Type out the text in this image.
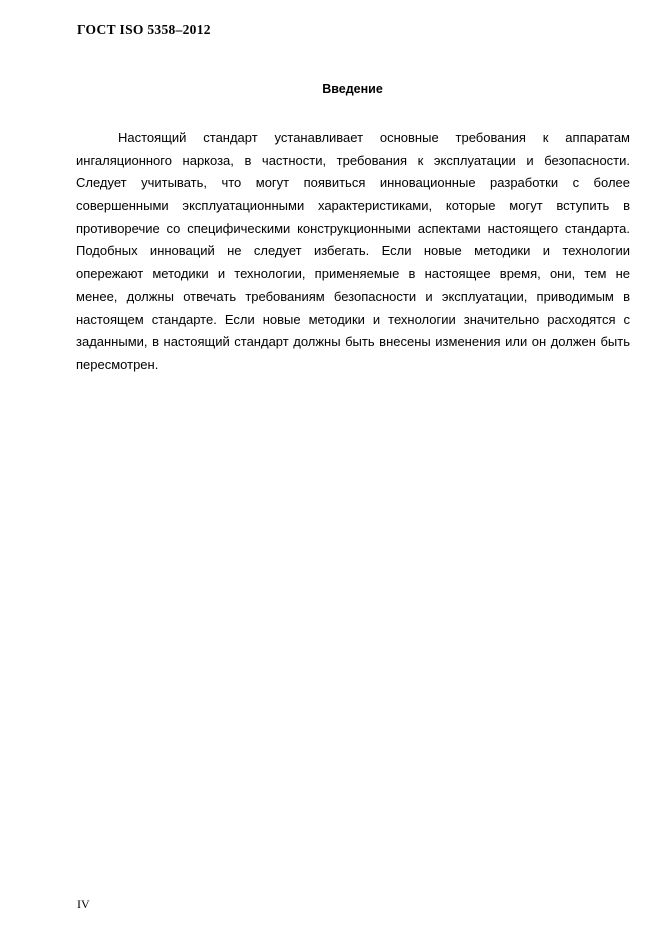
ГОСТ ISO 5358–2012
Введение
Настоящий стандарт устанавливает основные требования к аппаратам
ингаляционного наркоза, в частности, требования к эксплуатации и безопасности.
Следует учитывать, что могут появиться инновационные разработки с более
совершенными эксплуатационными характеристиками, которые могут вступить в
противоречие со специфическими конструкционными аспектами настоящего стандарта.
Подобных инноваций не следует избегать. Если новые методики и технологии
опережают методики и технологии, применяемые в настоящее время, они, тем не
менее, должны отвечать требованиям безопасности и эксплуатации, приводимым в
настоящем стандарте. Если новые методики и технологии значительно расходятся с
заданными, в настоящий стандарт должны быть внесены изменения или он должен быть
пересмотрен.
IV
